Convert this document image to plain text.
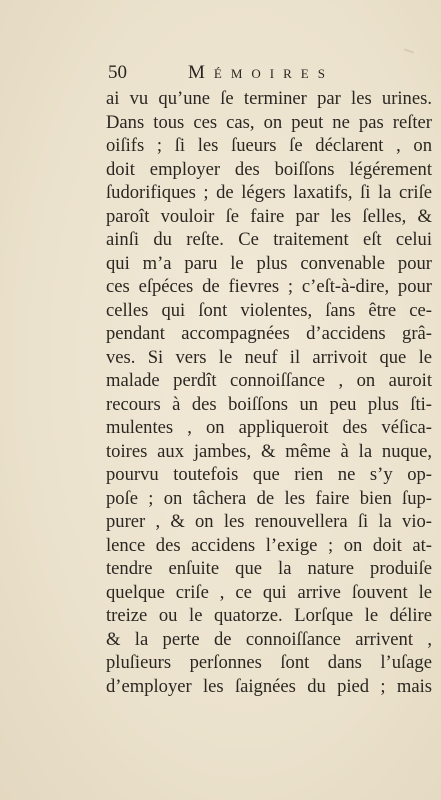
50	Mémoires
ai vu qu’une ſe terminer par les urines.
Dans tous ces cas, on peut ne pas reſter
oiſifs ; ſi les ſueurs ſe déclarent , on
doit employer des boiſſons légérement
ſudorifiques ; de légers laxatifs, ſi la criſe
paroît vouloir ſe faire par les ſelles, &
ainſi du reſte. Ce traitement eſt celui
qui m’a paru le plus convenable pour
ces eſpéces de fievres ; c’eſt-à-dire, pour
celles qui ſont violentes, ſans être ce-
pendant accompagnées d’accidens grâ-
ves. Si vers le neuf il arrivoit que le
malade perdît connoiſſance , on auroit
recours à des boiſſons un peu plus ſti-
mulentes , on appliqueroit des véſica-
toires aux jambes, & même à la nuque,
pourvu toutefois que rien ne s’y op-
poſe ; on tâchera de les faire bien ſup-
purer , & on les renouvellera ſi la vio-
lence des accidens l’exige ; on doit at-
tendre enſuite que la nature produiſe
quelque criſe , ce qui arrive ſouvent le
treize ou le quatorze. Lorſque le délire
& la perte de connoiſſance arrivent ,
pluſieurs perſonnes ſont dans l’uſage
d’employer les ſaignées du pied ; mais
